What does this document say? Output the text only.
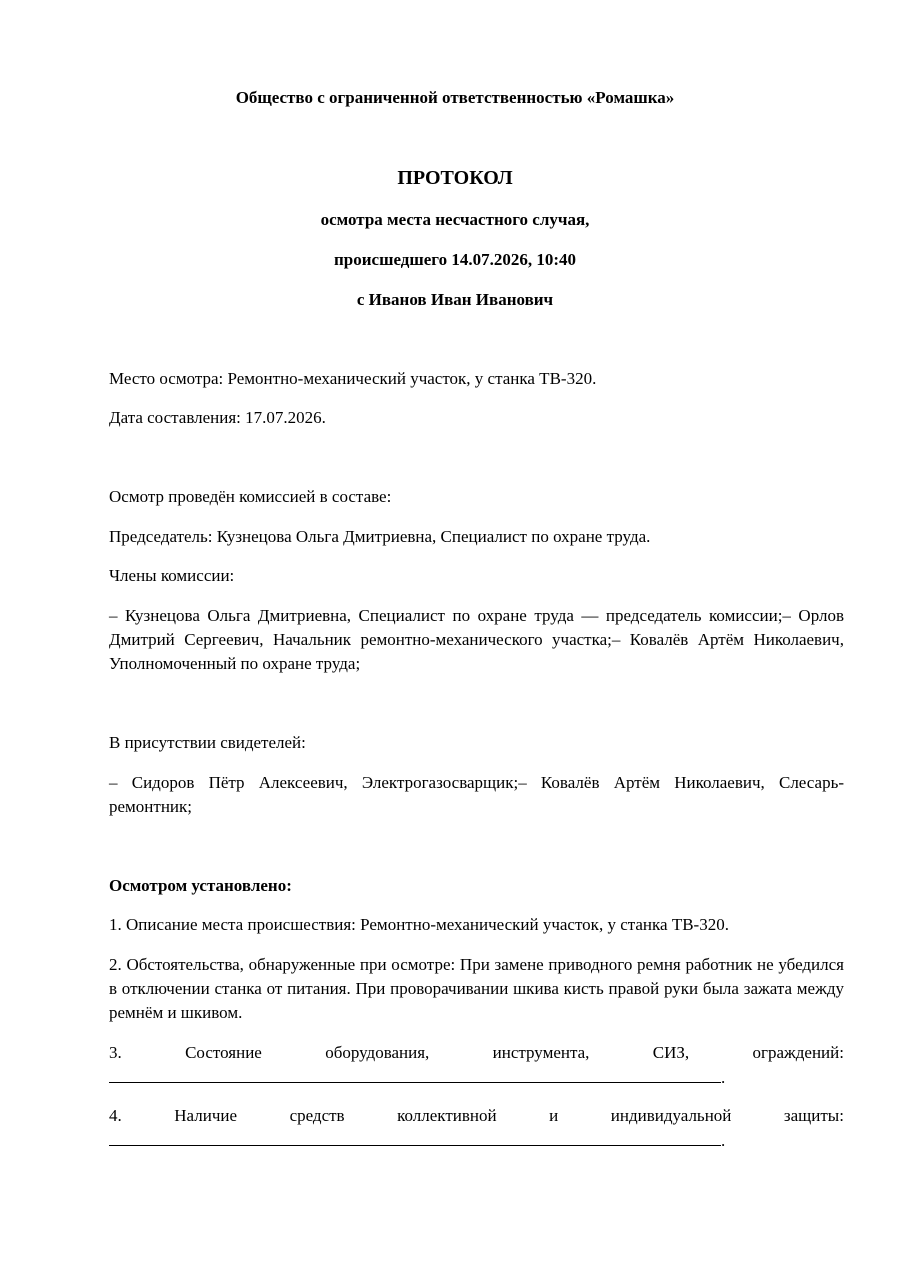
Общество с ограниченной ответственностью «Ромашка»
ПРОТОКОЛ
осмотра места несчастного случая,
происшедшего 14.07.2026, 10:40
с Иванов Иван Иванович

Место осмотра: Ремонтно-механический участок, у станка ТВ-320.

Дата составления: 17.07.2026.

Осмотр проведён комиссией в составе:

Председатель: Кузнецова Ольга Дмитриевна, Специалист по охране труда.

Члены комиссии:

– Кузнецова Ольга Дмитриевна, Специалист по охране труда — председатель комиссии;– Орлов Дмитрий Сергеевич, Начальник ремонтно-механического участка;– Ковалёв Артём Николаевич, Уполномоченный по охране труда;

В присутствии свидетелей:

– Сидоров Пётр Алексеевич, Электрогазосварщик;– Ковалёв Артём Николаевич, Слесарь-ремонтник;

Осмотром установлено:

1. Описание места происшествия: Ремонтно-механический участок, у станка ТВ-320.

2. Обстоятельства, обнаруженные при осмотре: При замене приводного ремня работник не убедился в отключении станка от питания. При проворачивании шкива кисть правой руки была зажата между ремнём и шкивом.

3.	Состояние	оборудования,	инструмента,	СИЗ,	ограждений:
.
4.	Наличие	средств	коллективной	и	индивидуальной	защиты:
.
